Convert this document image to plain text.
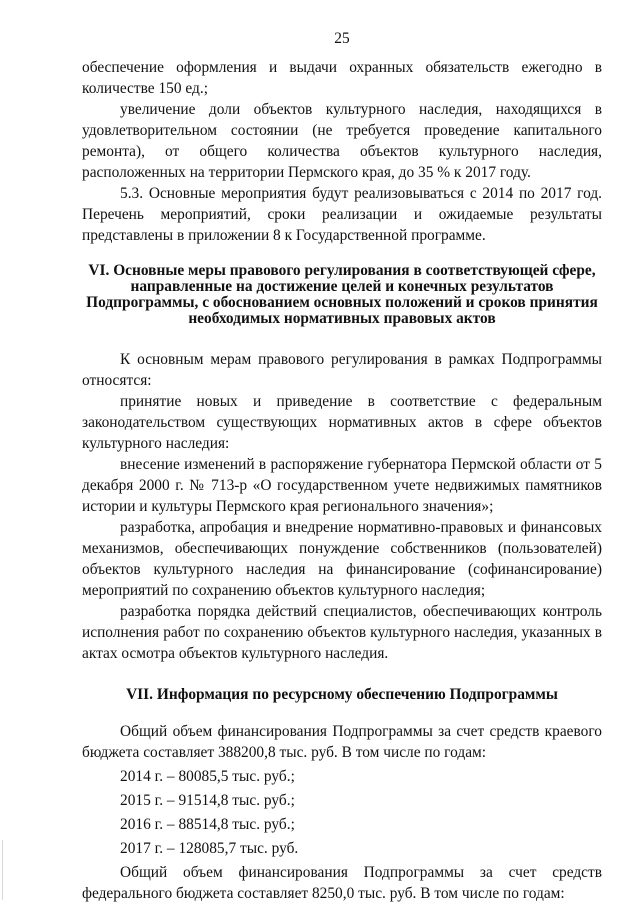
25

обеспечение оформления и выдачи охранных обязательств ежегодно в количестве 150 ед.;

увеличение доли объектов культурного наследия, находящихся в удовлетворительном состоянии (не требуется проведение капитального ремонта), от общего количества объектов культурного наследия, расположенных на территории Пермского края, до 35 % к 2017 году.

5.3. Основные мероприятия будут реализовываться с 2014 по 2017 год. Перечень мероприятий, сроки реализации и ожидаемые результаты представлены в приложении 8 к Государственной программе.

VI. Основные меры правового регулирования в соответствующей сфере, направленные на достижение целей и конечных результатов Подпрограммы, с обоснованием основных положений и сроков принятия необходимых нормативных правовых актов

К основным мерам правового регулирования в рамках Подпрограммы относятся:

принятие новых и приведение в соответствие с федеральным законодательством существующих нормативных актов в сфере объектов культурного наследия:

внесение изменений в распоряжение губернатора Пермской области от 5 декабря 2000 г. № 713-р «О государственном учете недвижимых памятников истории и культуры Пермского края регионального значения»;

разработка, апробация и внедрение нормативно-правовых и финансовых механизмов, обеспечивающих понуждение собственников (пользователей) объектов культурного наследия на финансирование (софинансирование) мероприятий по сохранению объектов культурного наследия;

разработка порядка действий специалистов, обеспечивающих контроль исполнения работ по сохранению объектов культурного наследия, указанных в актах осмотра объектов культурного наследия.

VII. Информация по ресурсному обеспечению Подпрограммы

Общий объем финансирования Подпрограммы за счет средств краевого бюджета составляет 388200,8 тыс. руб. В том числе по годам:

2014 г. – 80085,5 тыс. руб.;

2015 г. – 91514,8 тыс. руб.;

2016 г. – 88514,8 тыс. руб.;

2017 г. – 128085,7 тыс. руб.

Общий объем финансирования Подпрограммы за счет средств федерального бюджета составляет 8250,0 тыс. руб. В том числе по годам:
